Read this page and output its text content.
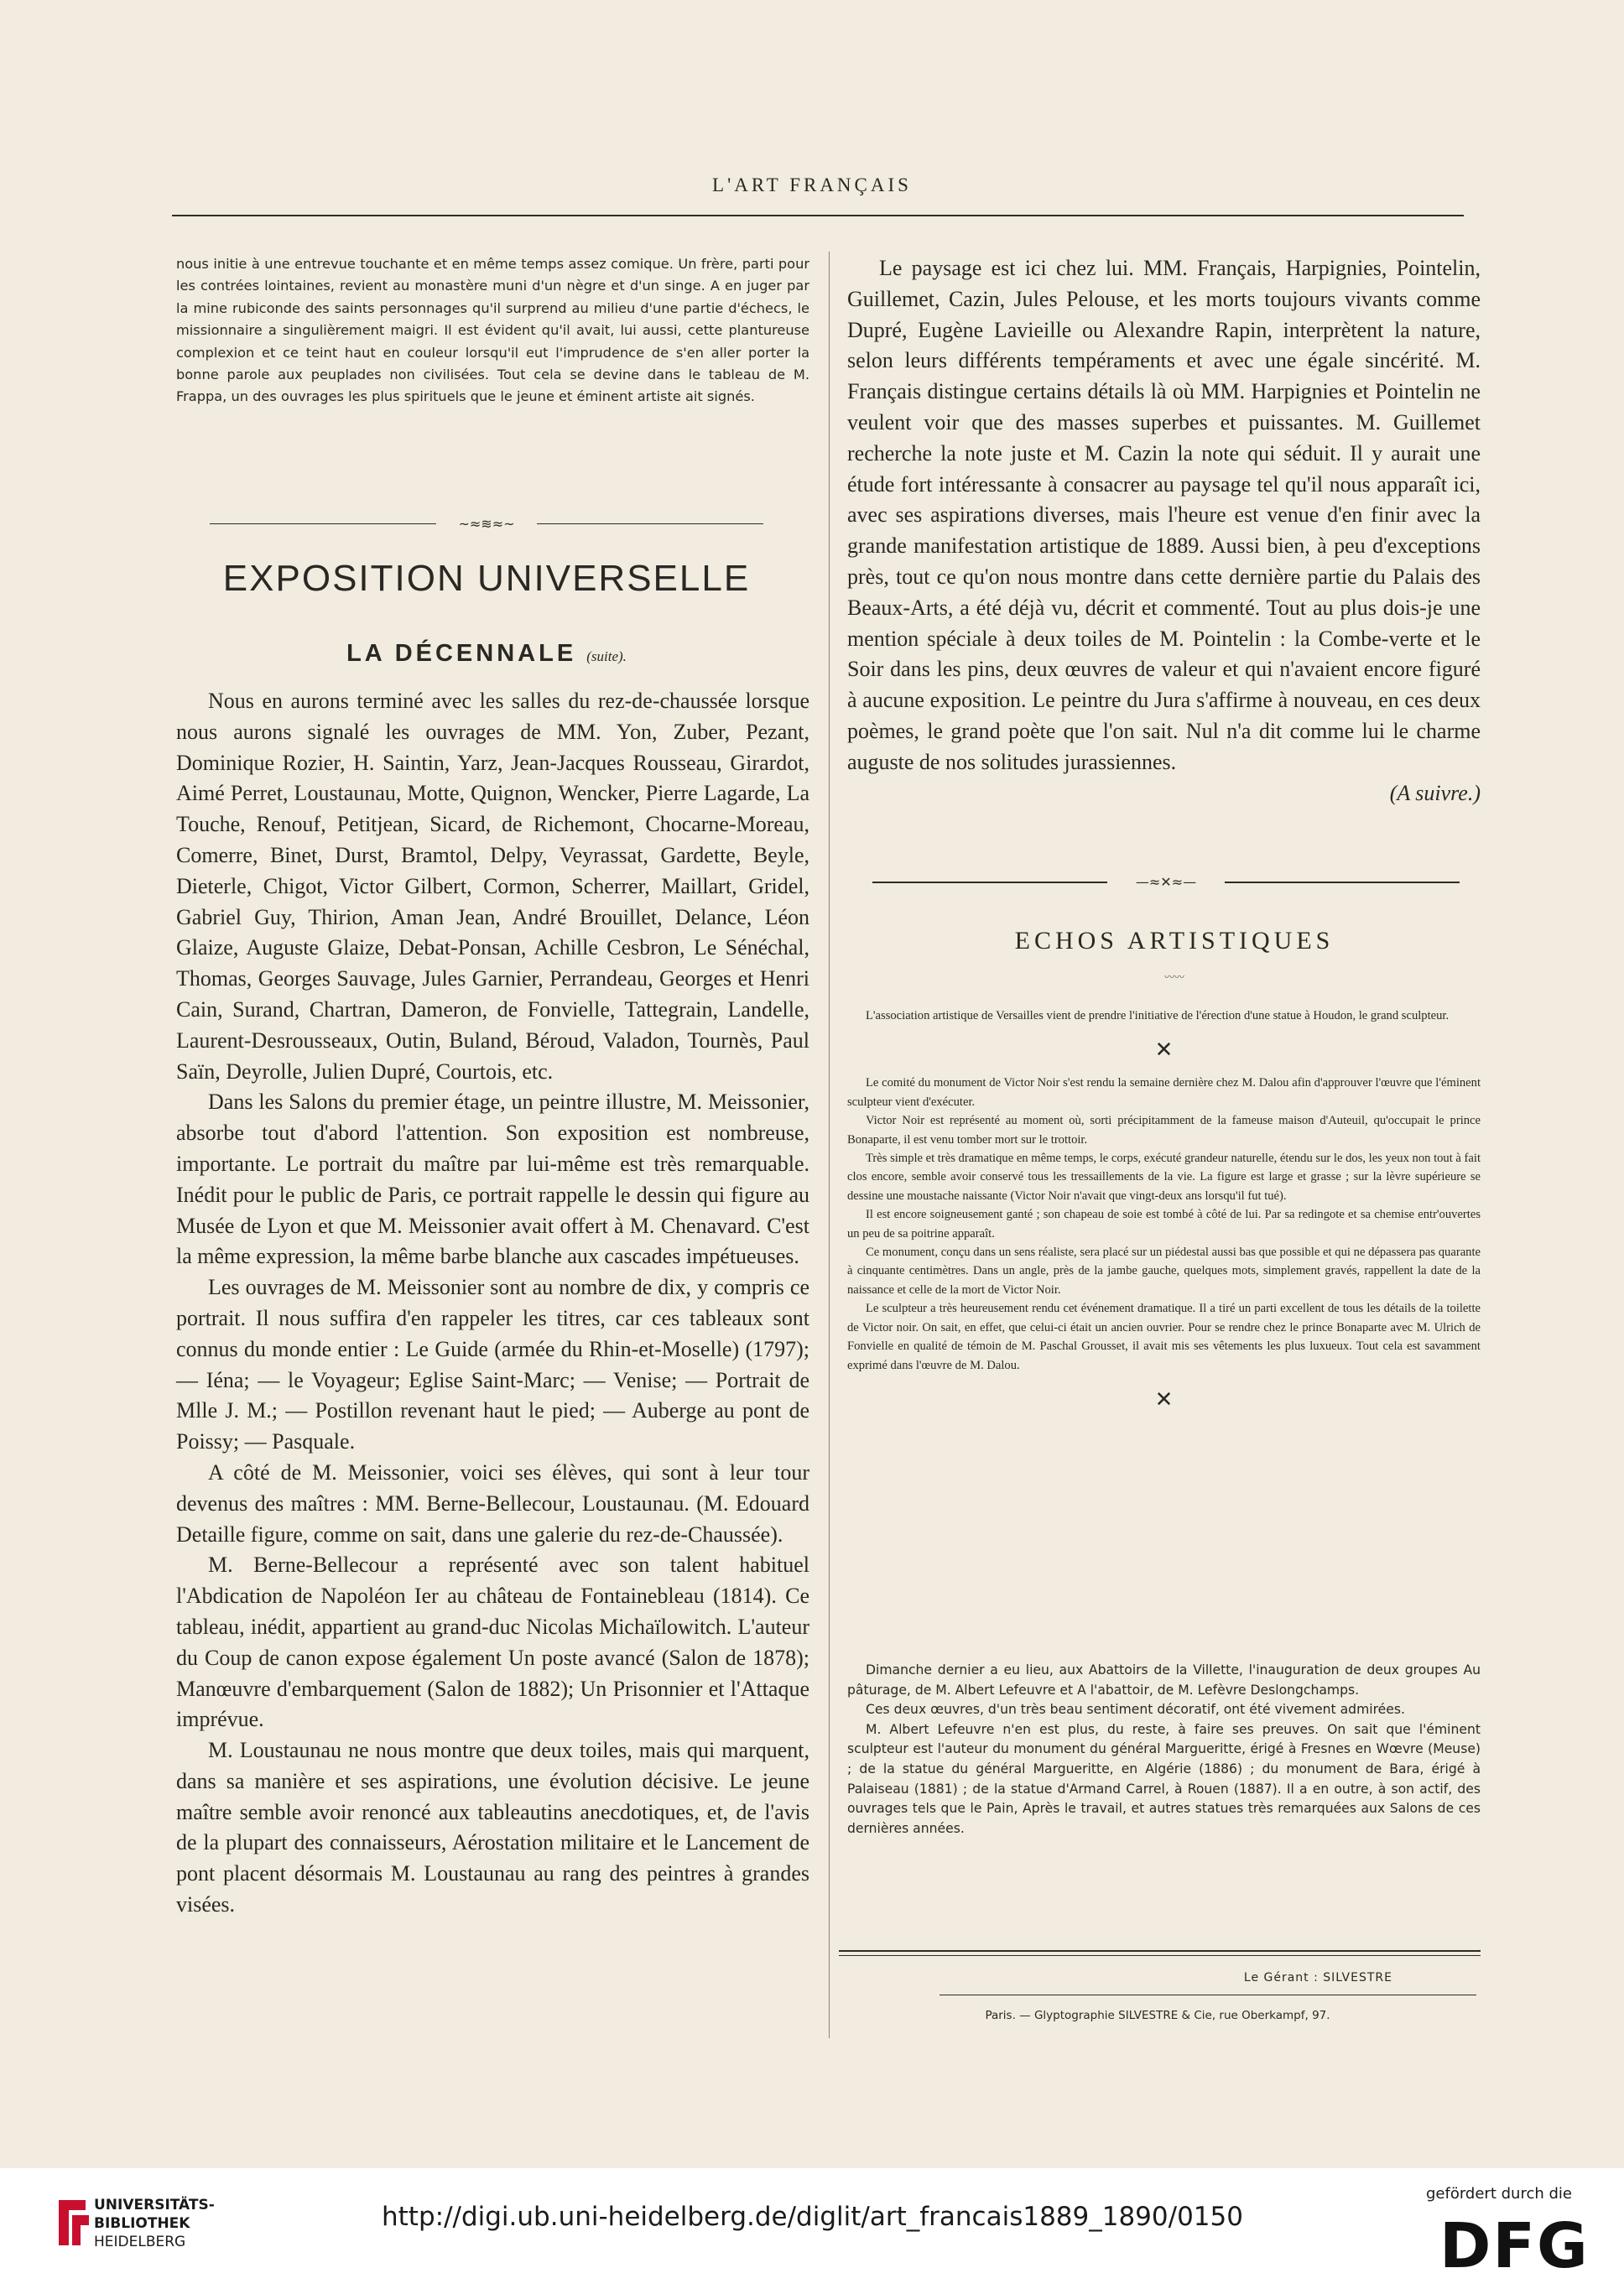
L'ART FRANÇAIS
nous initie à une entrevue touchante et en même temps assez comique. Un frère, parti pour les contrées lointaines, revient au monastère muni d'un nègre et d'un singe. A en juger par la mine rubiconde des saints personnages qu'il surprend au milieu d'une partie d'échecs, le missionnaire a singulièrement maigri. Il est évident qu'il avait, lui aussi, cette plantureuse complexion et ce teint haut en couleur lorsqu'il eut l'imprudence de s'en aller porter la bonne parole aux peuplades non civilisées. Tout cela se devine dans le tableau de M. Frappa, un des ouvrages les plus spirituels que le jeune et éminent artiste ait signés.
~≈≋≈~
EXPOSITION UNIVERSELLE
LA DÉCENNALE (suite).

Nous en aurons terminé avec les salles du rez-de-chaussée lorsque nous aurons signalé les ouvrages de MM. Yon, Zuber, Pezant, Dominique Rozier, H. Saintin, Yarz, Jean-Jacques Rousseau, Girardot, Aimé Perret, Loustaunau, Motte, Quignon, Wencker, Pierre Lagarde, La Touche, Renouf, Petitjean, Sicard, de Richemont, Chocarne-Moreau, Comerre, Binet, Durst, Bramtol, Delpy, Veyrassat, Gardette, Beyle, Dieterle, Chigot, Victor Gilbert, Cormon, Scherrer, Maillart, Gridel, Gabriel Guy, Thirion, Aman Jean, André Brouillet, Delance, Léon Glaize, Auguste Glaize, Debat-Ponsan, Achille Cesbron, Le Sénéchal, Thomas, Georges Sauvage, Jules Garnier, Perrandeau, Georges et Henri Cain, Surand, Chartran, Dameron, de Fonvielle, Tattegrain, Landelle, Laurent-Desrousseaux, Outin, Buland, Béroud, Valadon, Tournès, Paul Saïn, Deyrolle, Julien Dupré, Courtois, etc.

Dans les Salons du premier étage, un peintre illustre, M. Meissonier, absorbe tout d'abord l'attention. Son exposition est nombreuse, importante. Le portrait du maître par lui-même est très remarquable. Inédit pour le public de Paris, ce portrait rappelle le dessin qui figure au Musée de Lyon et que M. Meissonier avait offert à M. Chenavard. C'est la même expression, la même barbe blanche aux cascades impétueuses.

Les ouvrages de M. Meissonier sont au nombre de dix, y compris ce portrait. Il nous suffira d'en rappeler les titres, car ces tableaux sont connus du monde entier : Le Guide (armée du Rhin-et-Moselle) (1797); — Iéna; — le Voyageur; Eglise Saint-Marc; — Venise; — Portrait de Mlle J. M.; — Postillon revenant haut le pied; — Auberge au pont de Poissy; — Pasquale.

A côté de M. Meissonier, voici ses élèves, qui sont à leur tour devenus des maîtres : MM. Berne-Bellecour, Loustaunau. (M. Edouard Detaille figure, comme on sait, dans une galerie du rez-de-Chaussée).

M. Berne-Bellecour a représenté avec son talent habituel l'Abdication de Napoléon Ier au château de Fontainebleau (1814). Ce tableau, inédit, appartient au grand-duc Nicolas Michaïlowitch. L'auteur du Coup de canon expose également Un poste avancé (Salon de 1878); Manœuvre d'embarquement (Salon de 1882); Un Prisonnier et l'Attaque imprévue.

M. Loustaunau ne nous montre que deux toiles, mais qui marquent, dans sa manière et ses aspirations, une évolution décisive. Le jeune maître semble avoir renoncé aux tableautins anecdotiques, et, de l'avis de la plupart des connaisseurs, Aérostation militaire et le Lancement de pont placent désormais M. Loustaunau au rang des peintres à grandes visées.

Le paysage est ici chez lui. MM. Français, Harpignies, Pointelin, Guillemet, Cazin, Jules Pelouse, et les morts toujours vivants comme Dupré, Eugène Lavieille ou Alexandre Rapin, interprètent la nature, selon leurs différents tempéraments et avec une égale sincérité. M. Français distingue certains détails là où MM. Harpignies et Pointelin ne veulent voir que des masses superbes et puissantes. M. Guillemet recherche la note juste et M. Cazin la note qui séduit. Il y aurait une étude fort intéressante à consacrer au paysage tel qu'il nous apparaît ici, avec ses aspirations diverses, mais l'heure est venue d'en finir avec la grande manifestation artistique de 1889. Aussi bien, à peu d'exceptions près, tout ce qu'on nous montre dans cette dernière partie du Palais des Beaux-Arts, a été déjà vu, décrit et commenté. Tout au plus dois-je une mention spéciale à deux toiles de M. Pointelin : la Combe-verte et le Soir dans les pins, deux œuvres de valeur et qui n'avaient encore figuré à aucune exposition. Le peintre du Jura s'affirme à nouveau, en ces deux poèmes, le grand poète que l'on sait. Nul n'a dit comme lui le charme auguste de nos solitudes jurassiennes.

(A suivre.)
—≈✕≈—
ECHOS ARTISTIQUES
〰〰

L'association artistique de Versailles vient de prendre l'initiative de l'érection d'une statue à Houdon, le grand sculpteur.

✕

Le comité du monument de Victor Noir s'est rendu la semaine dernière chez M. Dalou afin d'approuver l'œuvre que l'éminent sculpteur vient d'exécuter.

Victor Noir est représenté au moment où, sorti précipitamment de la fameuse maison d'Auteuil, qu'occupait le prince Bonaparte, il est venu tomber mort sur le trottoir.

Très simple et très dramatique en même temps, le corps, exécuté grandeur naturelle, étendu sur le dos, les yeux non tout à fait clos encore, semble avoir conservé tous les tressaillements de la vie. La figure est large et grasse ; sur la lèvre supérieure se dessine une moustache naissante (Victor Noir n'avait que vingt-deux ans lorsqu'il fut tué).

Il est encore soigneusement ganté ; son chapeau de soie est tombé à côté de lui. Par sa redingote et sa chemise entr'ouvertes un peu de sa poitrine apparaît.

Ce monument, conçu dans un sens réaliste, sera placé sur un piédestal aussi bas que possible et qui ne dépassera pas quarante à cinquante centimètres. Dans un angle, près de la jambe gauche, quelques mots, simplement gravés, rappellent la date de la naissance et celle de la mort de Victor Noir.

Le sculpteur a très heureusement rendu cet événement dramatique. Il a tiré un parti excellent de tous les détails de la toilette de Victor noir. On sait, en effet, que celui-ci était un ancien ouvrier. Pour se rendre chez le prince Bonaparte avec M. Ulrich de Fonvielle en qualité de témoin de M. Paschal Grousset, il avait mis ses vêtements les plus luxueux. Tout cela est savamment exprimé dans l'œuvre de M. Dalou.

✕

Dimanche dernier a eu lieu, aux Abattoirs de la Villette, l'inauguration de deux groupes Au pâturage, de M. Albert Lefeuvre et A l'abattoir, de M. Lefèvre Deslongchamps.

Ces deux œuvres, d'un très beau sentiment décoratif, ont été vivement admirées.

M. Albert Lefeuvre n'en est plus, du reste, à faire ses preuves. On sait que l'éminent sculpteur est l'auteur du monument du général Margueritte, érigé à Fresnes en Wœvre (Meuse) ; de la statue du général Margueritte, en Algérie (1886) ; du monument de Bara, érigé à Palaiseau (1881) ; de la statue d'Armand Carrel, à Rouen (1887). Il a en outre, à son actif, des ouvrages tels que le Pain, Après le travail, et autres statues très remarquées aux Salons de ces dernières années.

Le Gérant : SILVESTRE
Paris. — Glyptographie SILVESTRE & Cie, rue Oberkampf, 97.
UNIVERSITÄTS-
BIBLIOTHEK
HEIDELBERG
http://digi.ub.uni-heidelberg.de/diglit/art_francais1889_1890/0150
gefördert durch die
DFG
